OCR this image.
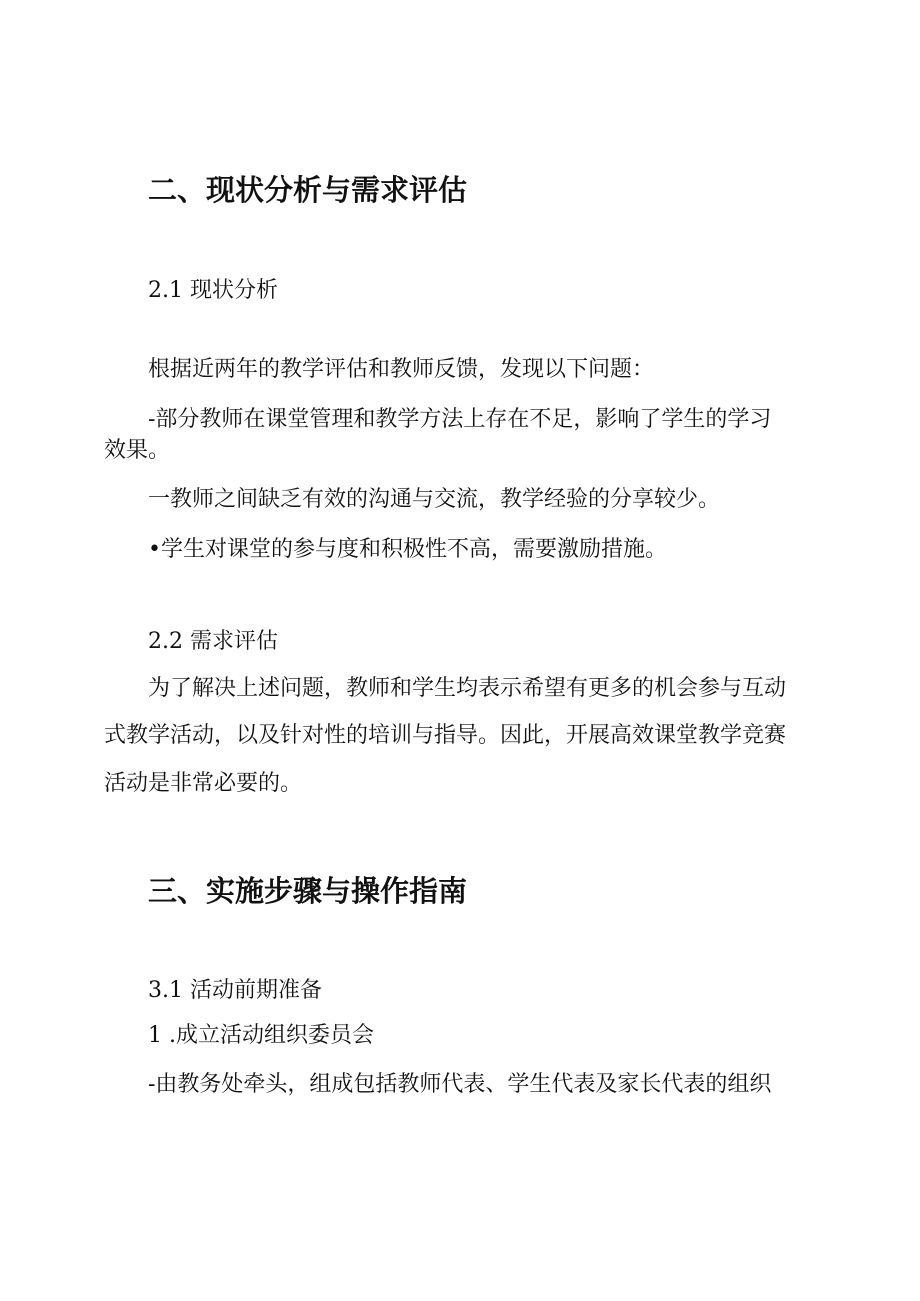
二、现状分析与需求评估
2.1 现状分析

根据近两年的教学评估和教师反馈，发现以下问题：

-部分教师在课堂管理和教学方法上存在不足，影响了学生的学习

效果。

一教师之间缺乏有效的沟通与交流，教学经验的分享较少。

•学生对课堂的参与度和积极性不高，需要激励措施。

2.2 需求评估

为了解决上述问题，教师和学生均表示希望有更多的机会参与互动

式教学活动，以及针对性的培训与指导。因此，开展高效课堂教学竞赛

活动是非常必要的。

三、实施步骤与操作指南
3.1 活动前期准备

1 .成立活动组织委员会

-由教务处牵头，组成包括教师代表、学生代表及家长代表的组织
